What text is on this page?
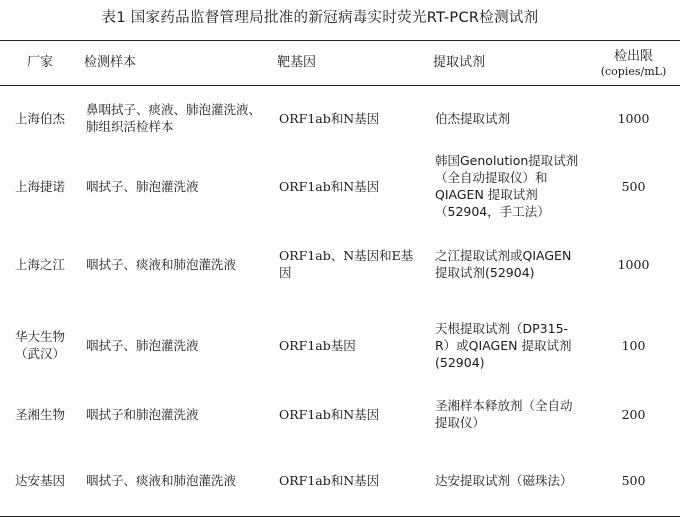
表1 国家药品监督管理局批准的新冠病毒实时荧光RT-PCR检测试剂
厂家	检测样本	靶基因	提取试剂	检出限
(copies/mL)

上海伯杰	鼻咽拭子、痰液、肺泡灌洗液、肺组织活检样本	ORF1ab和N基因	伯杰提取试剂	1000
上海捷诺	咽拭子、肺泡灌洗液	ORF1ab和N基因	韩国Genolution提取试剂（全自动提取仪）和QIAGEN 提取试剂（52904，手工法）	500
上海之江	咽拭子、痰液和肺泡灌洗液	ORF1ab、N基因和E基因	之江提取试剂或QIAGEN 提取试剂(52904)	1000
华大生物（武汉）	咽拭子、肺泡灌洗液	ORF1ab基因	天根提取试剂（DP315-R）或QIAGEN 提取试剂(52904)	100
圣湘生物	咽拭子和肺泡灌洗液	ORF1ab和N基因	圣湘样本释放剂（全自动提取仪）	200
达安基因	咽拭子、痰液和肺泡灌洗液	ORF1ab和N基因	达安提取试剂（磁珠法）	500
